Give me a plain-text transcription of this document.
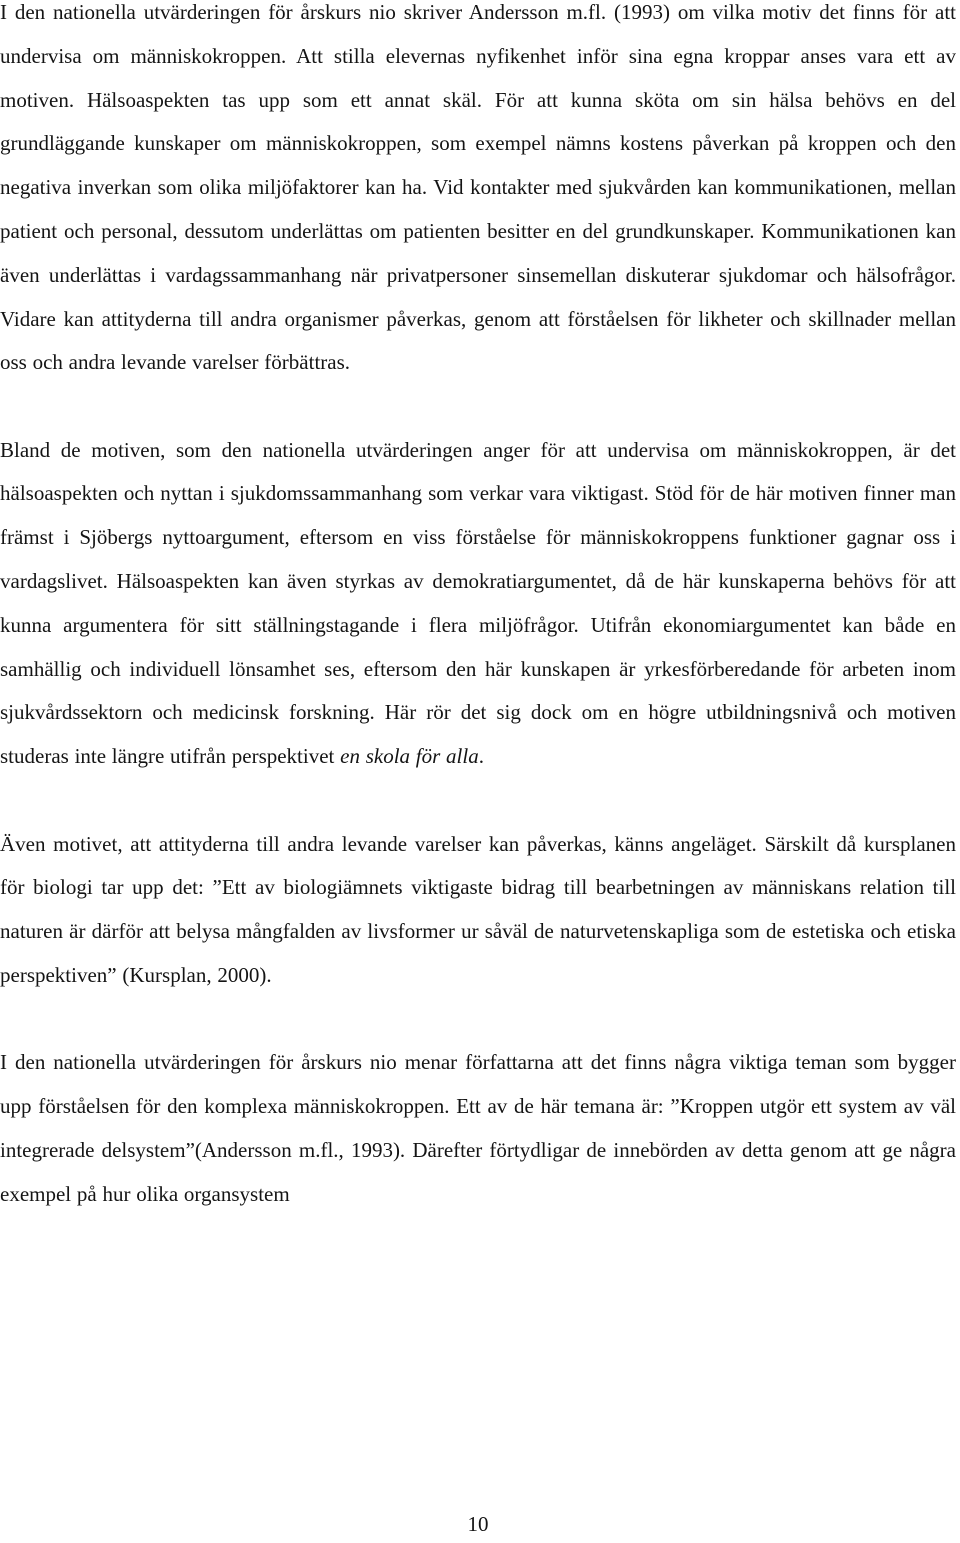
I den nationella utvärderingen för årskurs nio skriver Andersson m.fl. (1993) om vilka motiv det finns för att undervisa om människokroppen. Att stilla elevernas nyfikenhet inför sina egna kroppar anses vara ett av motiven. Hälsoaspekten tas upp som ett annat skäl. För att kunna sköta om sin hälsa behövs en del grundläggande kunskaper om människokroppen, som exempel nämns kostens påverkan på kroppen och den negativa inverkan som olika miljöfaktorer kan ha. Vid kontakter med sjukvården kan kommunikationen, mellan patient och personal, dessutom underlättas om patienten besitter en del grundkunskaper. Kommunikationen kan även underlättas i vardagssammanhang när privatpersoner sinsemellan diskuterar sjukdomar och hälsofrågor. Vidare kan attityderna till andra organismer påverkas, genom att förståelsen för likheter och skillnader mellan oss och andra levande varelser förbättras.

Bland de motiven, som den nationella utvärderingen anger för att undervisa om människokroppen, är det hälsoaspekten och nyttan i sjukdomssammanhang som verkar vara viktigast. Stöd för de här motiven finner man främst i Sjöbergs nyttoargument, eftersom en viss förståelse för människokroppens funktioner gagnar oss i vardagslivet. Hälsoaspekten kan även styrkas av demokratiargumentet, då de här kunskaperna behövs för att kunna argumentera för sitt ställningstagande i flera miljöfrågor. Utifrån ekonomiargumentet kan både en samhällig och individuell lönsamhet ses, eftersom den här kunskapen är yrkesförberedande för arbeten inom sjukvårdssektorn och medicinsk forskning. Här rör det sig dock om en högre utbildningsnivå och motiven studeras inte längre utifrån perspektivet en skola för alla.

Även motivet, att attityderna till andra levande varelser kan påverkas, känns angeläget. Särskilt då kursplanen för biologi tar upp det: ”Ett av biologiämnets viktigaste bidrag till bearbetningen av människans relation till naturen är därför att belysa mångfalden av livsformer ur såväl de naturvetenskapliga som de estetiska och etiska perspektiven” (Kursplan, 2000).

I den nationella utvärderingen för årskurs nio menar författarna att det finns några viktiga teman som bygger upp förståelsen för den komplexa människokroppen. Ett av de här temana är: ”Kroppen utgör ett system av väl integrerade delsystem”(Andersson m.fl., 1993). Därefter förtydligar de innebörden av detta genom att ge några exempel på hur olika organsystem

10
